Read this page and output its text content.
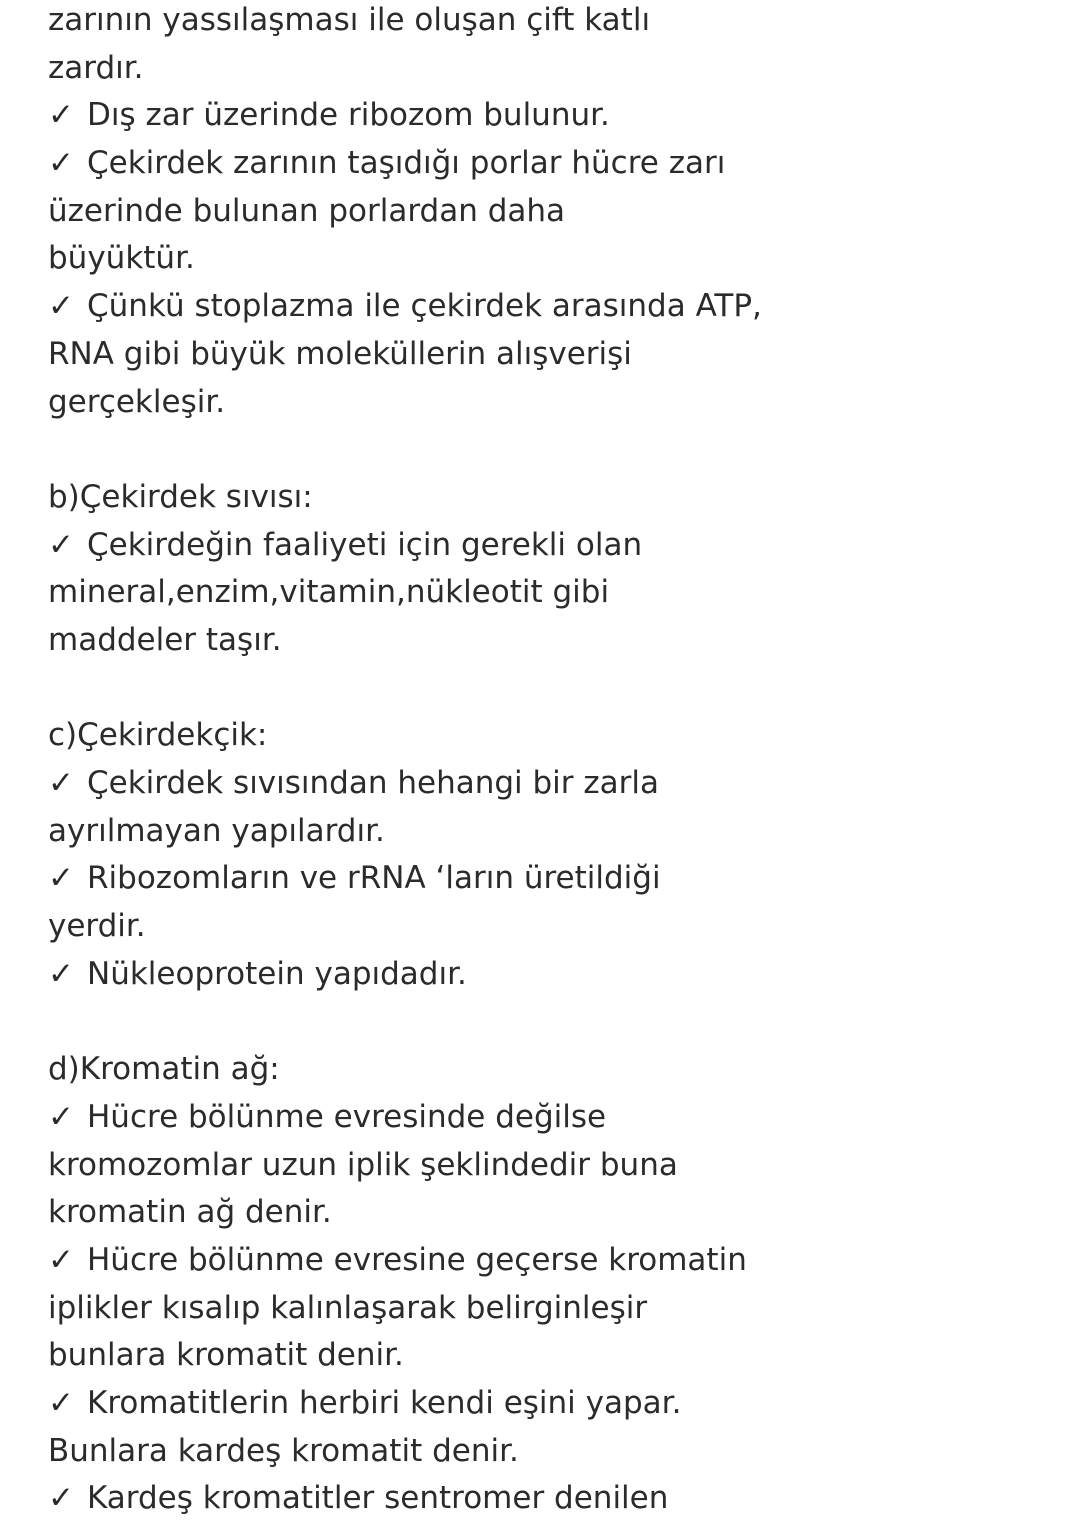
zarının yassılaşması ile oluşan çift katlı
zardır.
✓ Dış zar üzerinde ribozom bulunur.
✓ Çekirdek zarının taşıdığı porlar hücre zarı
üzerinde bulunan porlardan daha
büyüktür.
✓ Çünkü stoplazma ile çekirdek arasında ATP,
RNA gibi büyük moleküllerin alışverişi
gerçekleşir.
b)Çekirdek sıvısı:
✓ Çekirdeğin faaliyeti için gerekli olan
mineral,enzim,vitamin,nükleotit gibi
maddeler taşır.
c)Çekirdekçik:
✓ Çekirdek sıvısından hehangi bir zarla
ayrılmayan yapılardır.
✓ Ribozomların ve rRNA ‘ların üretildiği
yerdir.
✓ Nükleoprotein yapıdadır.
d)Kromatin ağ:
✓ Hücre bölünme evresinde değilse
kromozomlar uzun iplik şeklindedir buna
kromatin ağ denir.
✓ Hücre bölünme evresine geçerse kromatin
iplikler kısalıp kalınlaşarak belirginleşir
bunlara kromatit denir.
✓ Kromatitlerin herbiri kendi eşini yapar.
Bunlara kardeş kromatit denir.
✓ Kardeş kromatitler sentromer denilen
